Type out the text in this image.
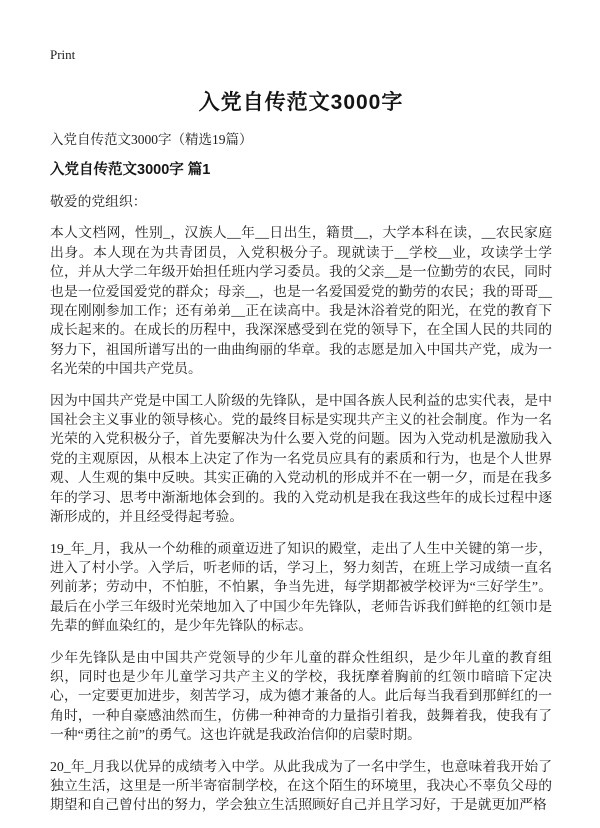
Print
入党自传范文3000字
入党自传范文3000字（精选19篇）
入党自传范文3000字 篇1
敬爱的党组织：

本人文档网，性别_，汉族人__年__日出生，籍贯__，大学本科在读，__农民家庭出身。本人现在为共青团员，入党积极分子。现就读于__学校__业，攻读学士学位，并从大学二年级开始担任班内学习委员。我的父亲__是一位勤劳的农民，同时也是一位爱国爱党的群众；母亲__，也是一名爱国爱党的勤劳的农民；我的哥哥__现在刚刚参加工作；还有弟弟__正在读高中。我是沐浴着党的阳光，在党的教育下成长起来的。在成长的历程中，我深深感受到在党的领导下，在全国人民的共同的努力下，祖国所谱写出的一曲曲绚丽的华章。我的志愿是加入中国共产党，成为一名光荣的中国共产党员。

因为中国共产党是中国工人阶级的先锋队，是中国各族人民利益的忠实代表，是中国社会主义事业的领导核心。党的最终目标是实现共产主义的社会制度。作为一名光荣的入党积极分子，首先要解决为什么要入党的问题。因为入党动机是激励我入党的主观原因，从根本上决定了作为一名党员应具有的素质和行为，也是个人世界观、人生观的集中反映。其实正确的入党动机的形成并不在一朝一夕，而是在我多年的学习、思考中渐渐地体会到的。我的入党动机是我在我这些年的成长过程中逐渐形成的，并且经受得起考验。

19_年_月，我从一个幼稚的顽童迈进了知识的殿堂，走出了人生中关键的第一步，进入了村小学。入学后，听老师的话，学习上，努力刻苦，在班上学习成绩一直名列前茅；劳动中，不怕脏，不怕累，争当先进，每学期都被学校评为“三好学生”。最后在小学三年级时光荣地加入了中国少年先锋队，老师告诉我们鲜艳的红领巾是先辈的鲜血染红的，是少年先锋队的标志。

少年先锋队是由中国共产党领导的少年儿童的群众性组织，是少年儿童的教育组织，同时也是少年儿童学习共产主义的学校，我抚摩着胸前的红领巾暗暗下定决心，一定要更加进步，刻苦学习，成为德才兼备的人。此后每当我看到那鲜红的一角时，一种自豪感油然而生，仿佛一种神奇的力量指引着我，鼓舞着我，使我有了一种“勇往之前”的勇气。这也许就是我政治信仰的启蒙时期。

20_年_月我以优异的成绩考入中学。从此我成为了一名中学生，也意味着我开始了独立生活，这里是一所半寄宿制学校，在这个陌生的环境里，我决心不辜负父母的期望和自己曾付出的努力，学会独立生活照顾好自己并且学习好，于是就更加严格
